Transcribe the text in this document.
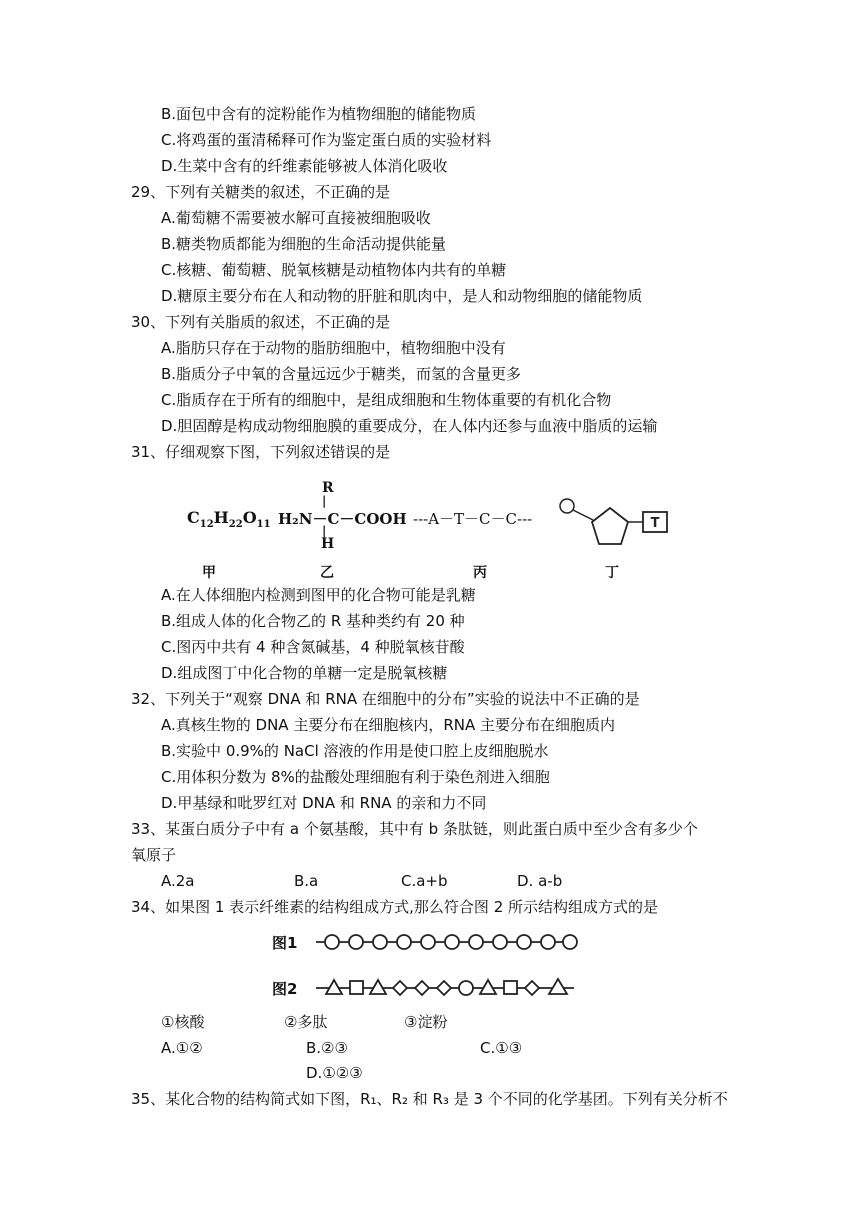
B.面包中含有的淀粉能作为植物细胞的储能物质
C.将鸡蛋的蛋清稀释可作为鉴定蛋白质的实验材料
D.生菜中含有的纤维素能够被人体消化吸收
29、下列有关糖类的叙述，不正确的是
A.葡萄糖不需要被水解可直接被细胞吸收
B.糖类物质都能为细胞的生命活动提供能量
C.核糖、葡萄糖、脱氧核糖是动植物体内共有的单糖
D.糖原主要分布在人和动物的肝脏和肌肉中，是人和动物细胞的储能物质
30、下列有关脂质的叙述，不正确的是
A.脂肪只存在于动物的脂肪细胞中，植物细胞中没有
B.脂质分子中氧的含量远远少于糖类，而氢的含量更多
C.脂质存在于所有的细胞中，是组成细胞和生物体重要的有机化合物
D.胆固醇是构成动物细胞膜的重要成分，在人体内还参与血液中脂质的运输
31、仔细观察下图，下列叙述错误的是
$C_{12}H_{22}O_{11}$
R
|
H₂N－C－COOH
|
H
---A－T－C－C---	T
甲	乙	丙	丁
A.在人体细胞内检测到图甲的化合物可能是乳糖
B.组成人体的化合物乙的 R 基种类约有 20 种
C.图丙中共有 4 种含氮碱基，4 种脱氧核苷酸
D.组成图丁中化合物的单糖一定是脱氧核糖
32、下列关于“观察 DNA 和 RNA 在细胞中的分布”实验的说法中不正确的是
A.真核生物的 DNA 主要分布在细胞核内，RNA 主要分布在细胞质内
B.实验中 0.9%的 NaCl 溶液的作用是使口腔上皮细胞脱水
C.用体积分数为 8%的盐酸处理细胞有利于染色剂进入细胞
D.甲基绿和吡罗红对 DNA 和 RNA 的亲和力不同
33、某蛋白质分子中有 a 个氨基酸，其中有 b 条肽链，则此蛋白质中至少含有多少个
氧原子
A.2a	B.a	C.a+b	D. a-b
34、如果图 1 表示纤维素的结构组成方式,那么符合图 2 所示结构组成方式的是
图1
图2
①核酸	②多肽	③淀粉
A.①②	B.②③	C.①③
D.①②③
35、某化合物的结构简式如下图，R₁、R₂ 和 R₃ 是 3 个不同的化学基团。下列有关分析不
